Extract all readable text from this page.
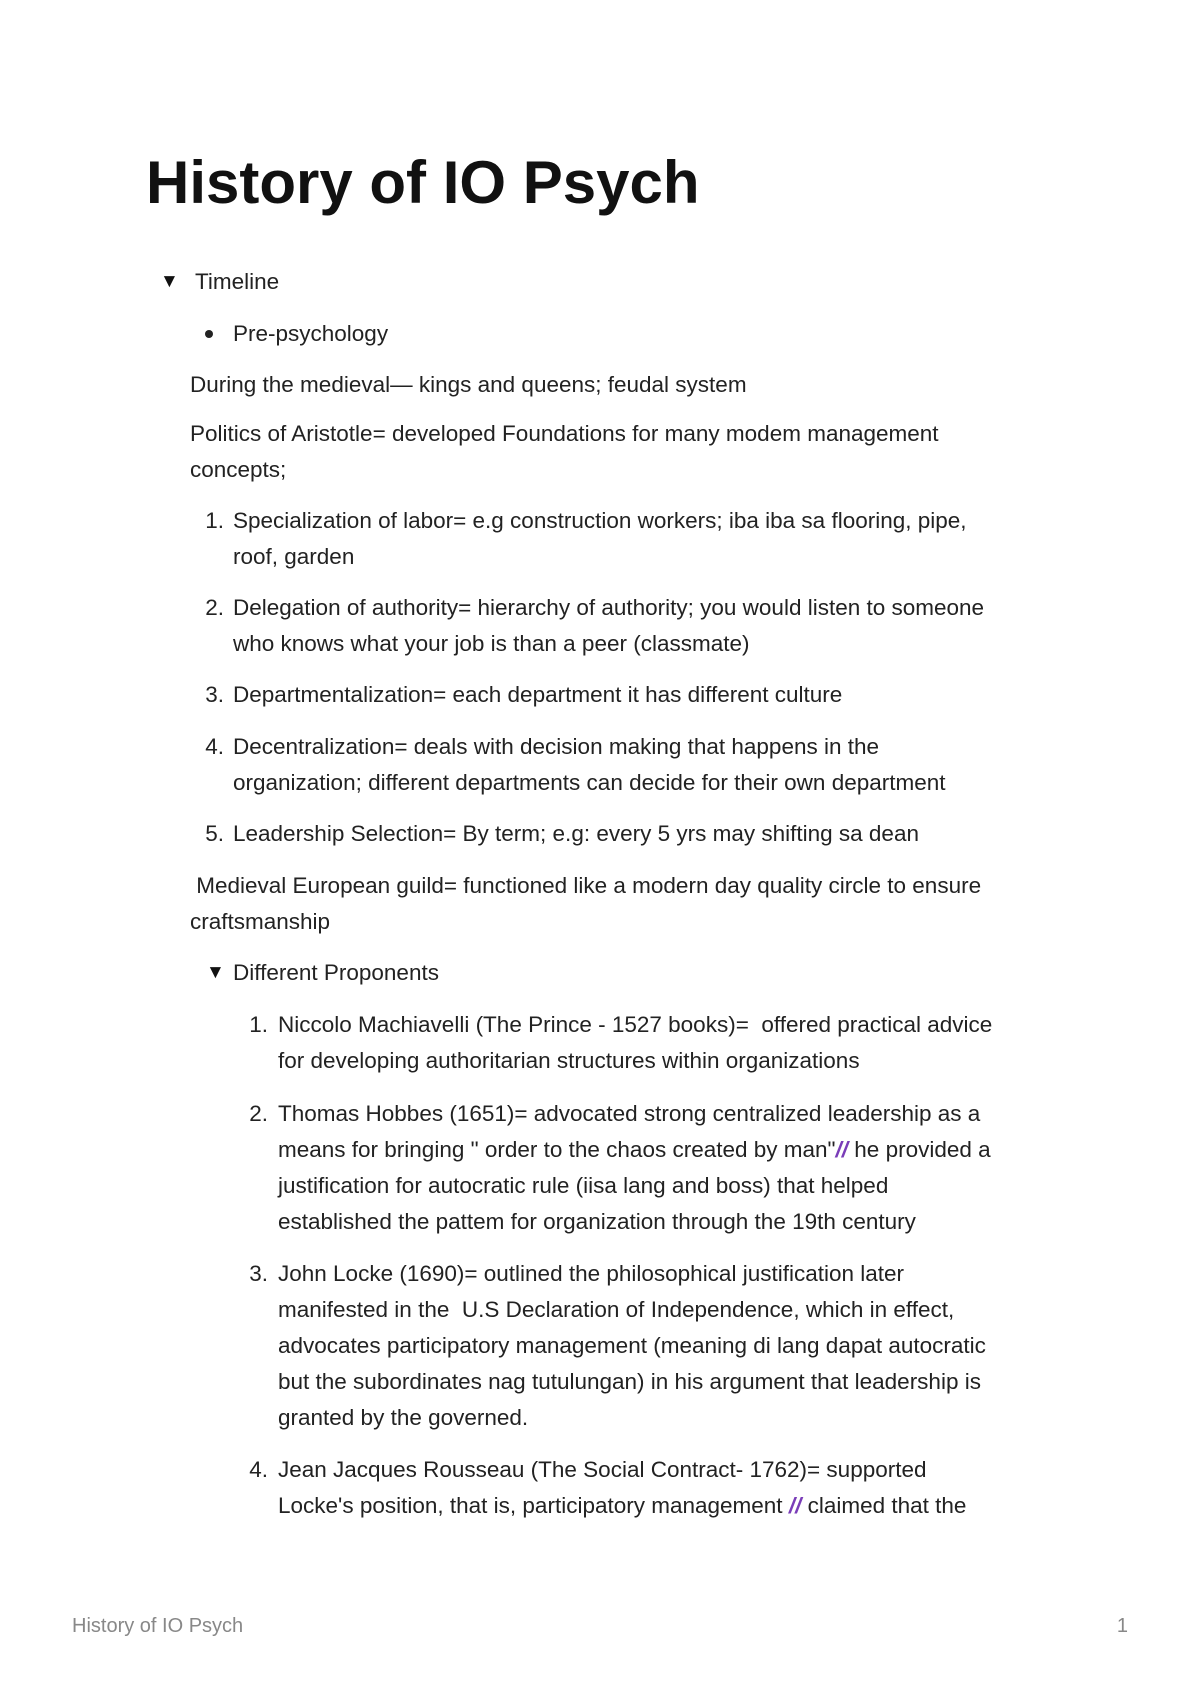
History of IO Psych
▼ Timeline
Pre-psychology
During the medieval— kings and queens; feudal system
Politics of Aristotle= developed Foundations for many modem management
concepts;
1. Specialization of labor= e.g construction workers; iba iba sa flooring, pipe,
roof, garden
2. Delegation of authority= hierarchy of authority; you would listen to someone
who knows what your job is than a peer (classmate)
3. Departmentalization= each department it has different culture
4. Decentralization= deals with decision making that happens in the
organization; different departments can decide for their own department
5. Leadership Selection= By term; e.g: every 5 yrs may shifting sa dean
Medieval European guild= functioned like a modern day quality circle to ensure
craftsmanship
▼ Different Proponents
1. Niccolo Machiavelli (The Prince - 1527 books)=  offered practical advice
for developing authoritarian structures within organizations
2. Thomas Hobbes (1651)= advocated strong centralized leadership as a
means for bringing " order to the chaos created by man"// he provided a
justification for autocratic rule (iisa lang and boss) that helped
established the pattem for organization through the 19th century
3. John Locke (1690)= outlined the philosophical justification later
manifested in the  U.S Declaration of Independence, which in effect,
advocates participatory management (meaning di lang dapat autocratic
but the subordinates nag tutulungan) in his argument that leadership is
granted by the governed.
4. Jean Jacques Rousseau (The Social Contract- 1762)= supported
Locke's position, that is, participatory management // claimed that the
History of IO Psych	1
